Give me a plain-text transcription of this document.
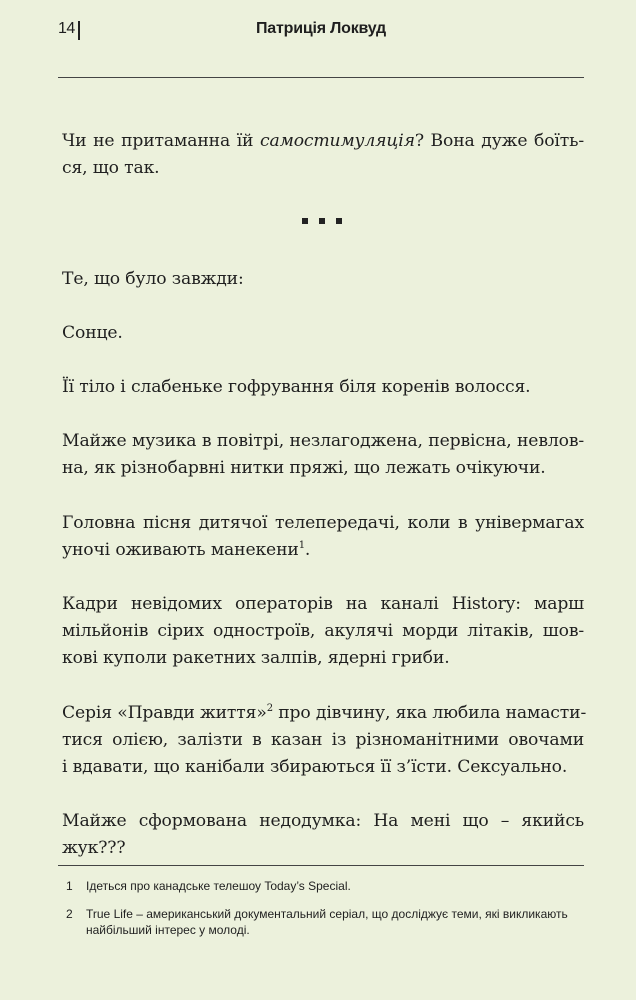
14	Патриція Локвуд
Чи не притаманна їй самостимуляція? Вона дуже боїть-
ся, що так.
Те, що було завжди:
Сонце.
Її тіло і слабеньке гофрування біля коренів волосся.
Майже музика в повітрі, незлагоджена, первісна, невлов-
на, як різнобарвні нитки пряжі, що лежать очікуючи.
Головна пісня дитячої телепередачі, коли в універмагах
уночі оживають манекени$^1$.
Кадри невідомих операторів на каналі History: марш
мільйонів сірих одностроїв, акулячі морди літаків, шов-
кові куполи ракетних залпів, ядерні гриби.
Серія «Правди життя»$^2$ про дівчину, яка любила намасти-
тися олією, залізти в казан із різноманітними овочами
і вдавати, що канібали збираються її з’їсти. Сексуально.
Майже сформована недодумка: На мені що – якийсь
жук???
1 Ідеться про канадське телешоу Today’s Special.
2 True Life – американський документальний серіал, що досліджує теми, які викликають
найбільший інтерес у молоді.
